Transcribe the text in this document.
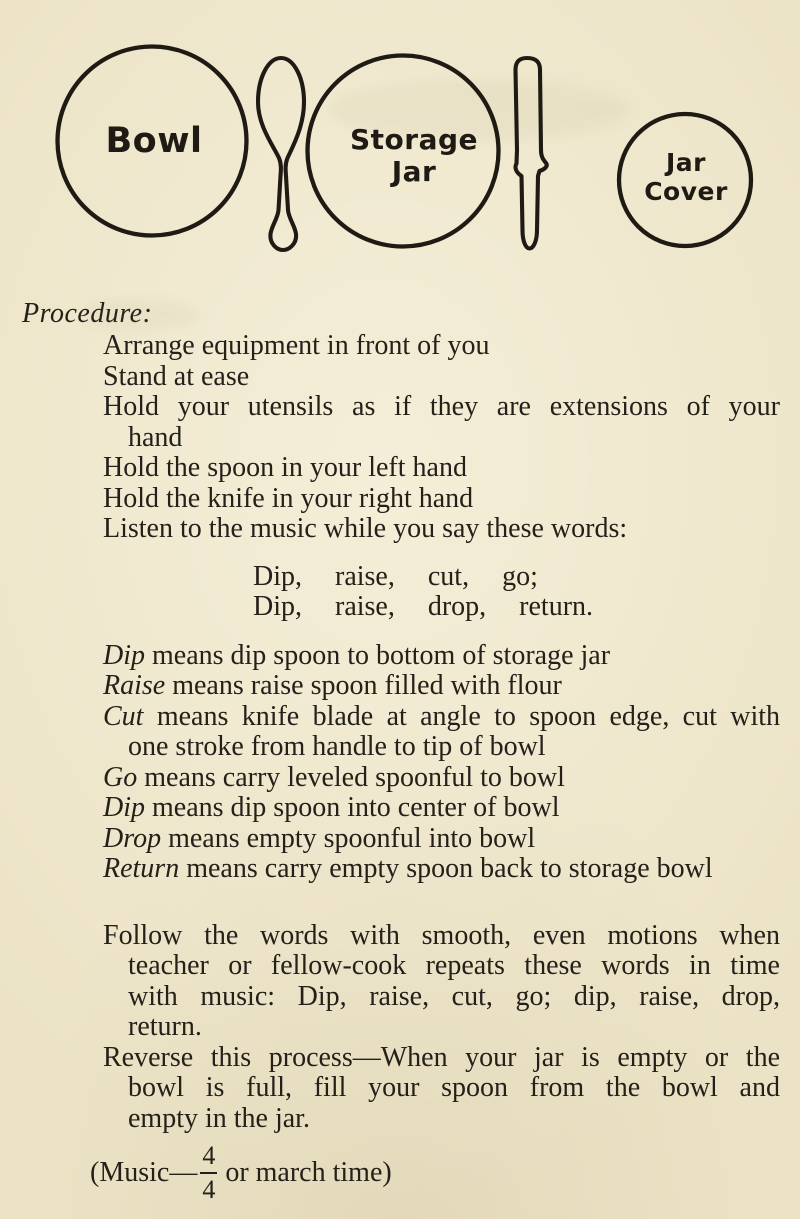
Bowl	Storage
Jar	Jar
Cover
Procedure:
Arrange equipment in front of you
Stand at ease
Hold your utensils as if they are extensions of your
hand
Hold the spoon in your left hand
Hold the knife in your right hand
Listen to the music while you say these words:
Dip, raise, cut, go;
Dip, raise, drop, return.
Dip means dip spoon to bottom of storage jar
Raise means raise spoon filled with flour
Cut means knife blade at angle to spoon edge, cut with
one stroke from handle to tip of bowl
Go means carry leveled spoonful to bowl
Dip means dip spoon into center of bowl
Drop means empty spoonful into bowl
Return means carry empty spoon back to storage bowl
Follow the words with smooth, even motions when
teacher or fellow-cook repeats these words in time
with music: Dip, raise, cut, go; dip, raise, drop,
return.
Reverse this process—When your jar is empty or the
bowl is full, fill your spoon from the bowl and
empty in the jar.
(Music— $\frac{4}{4}$ or march time)
